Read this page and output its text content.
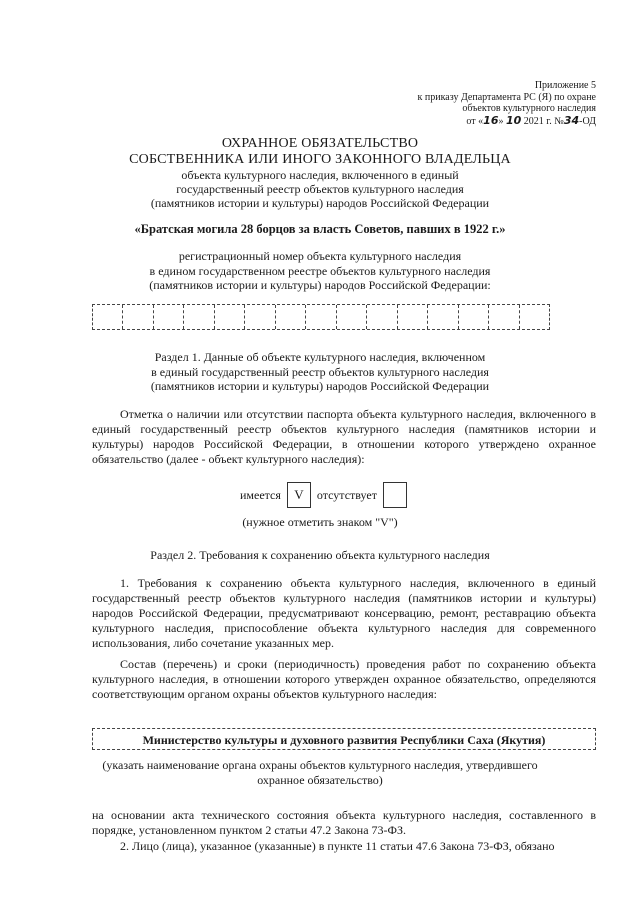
Приложение 5
к приказу Департамента РС (Я) по охране
объектов культурного наследия
от «16» 10 2021 г. №34-ОД
ОХРАННОЕ ОБЯЗАТЕЛЬСТВО
СОБСТВЕННИКА ИЛИ ИНОГО ЗАКОННОГО ВЛАДЕЛЬЦА
объекта культурного наследия, включенного в единый
государственный реестр объектов культурного наследия
(памятников истории и культуры) народов Российской Федерации
«Братская могила 28 борцов за власть Советов, павших в 1922 г.»
регистрационный номер объекта культурного наследия
в едином государственном реестре объектов культурного наследия
(памятников истории и культуры) народов Российской Федерации:
Раздел 1. Данные об объекте культурного наследия, включенном
в единый государственный реестр объектов культурного наследия
(памятников истории и культуры) народов Российской Федерации
Отметка о наличии или отсутствии паспорта объекта культурного наследия, включенного в единый государственный реестр объектов культурного наследия (памятников истории и культуры) народов Российской Федерации, в отношении которого утверждено охранное обязательство (далее - объект культурного наследия):
имеется	V	отсутствует
(нужное отметить знаком "V")
Раздел 2. Требования к сохранению объекта культурного наследия
1. Требования к сохранению объекта культурного наследия, включенного в единый государственный реестр объектов культурного наследия (памятников истории и культуры) народов Российской Федерации, предусматривают консервацию, ремонт, реставрацию объекта культурного наследия, приспособление объекта культурного наследия для современного использования, либо сочетание указанных мер.
Состав (перечень) и сроки (периодичность) проведения работ по сохранению объекта культурного наследия, в отношении которого утвержден охранное обязательство, определяются соответствующим органом охраны объектов культурного наследия:
Министерство культуры и духовного развития Республики Саха (Якутия)
(указать наименование органа охраны объектов культурного наследия, утвердившего
охранное обязательство)
на основании акта технического состояния объекта культурного наследия, составленного в порядке, установленном пунктом 2 статьи 47.2 Закона 73-ФЗ.
2. Лицо (лица), указанное (указанные) в пункте 11 статьи 47.6 Закона 73-ФЗ, обязано
